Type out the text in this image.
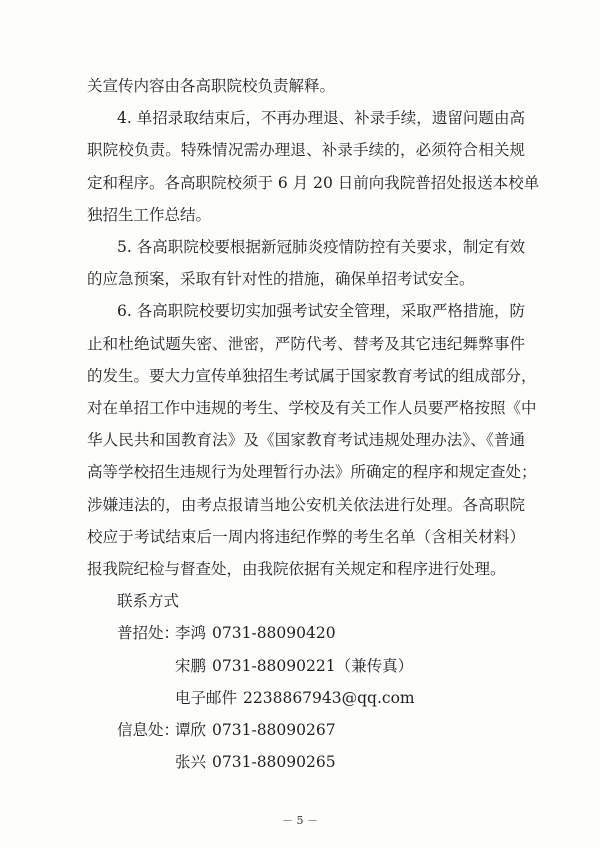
关宣传内容由各高职院校负责解释。
4. 单招录取结束后，不再办理退、补录手续，遗留问题由高
职院校负责。特殊情况需办理退、补录手续的，必须符合相关规
定和程序。各高职院校须于 6 月 20 日前向我院普招处报送本校单
独招生工作总结。
5. 各高职院校要根据新冠肺炎疫情防控有关要求，制定有效
的应急预案，采取有针对性的措施，确保单招考试安全。
6. 各高职院校要切实加强考试安全管理，采取严格措施，防
止和杜绝试题失密、泄密，严防代考、替考及其它违纪舞弊事件
的发生。要大力宣传单独招生考试属于国家教育考试的组成部分，
对在单招工作中违规的考生、学校及有关工作人员要严格按照《中
华人民共和国教育法》及《国家教育考试违规处理办法》、《普通
高等学校招生违规行为处理暂行办法》所确定的程序和规定查处；
涉嫌违法的，由考点报请当地公安机关依法进行处理。各高职院
校应于考试结束后一周内将违纪作弊的考生名单（含相关材料）
报我院纪检与督查处，由我院依据有关规定和程序进行处理。
联系方式
－ 5 －
普招处：李鸿 0731-88090420
宋鹏 0731-88090221（兼传真）
电子邮件 2238867943@qq.com
信息处：谭欣 0731-88090267
张兴 0731-88090265
